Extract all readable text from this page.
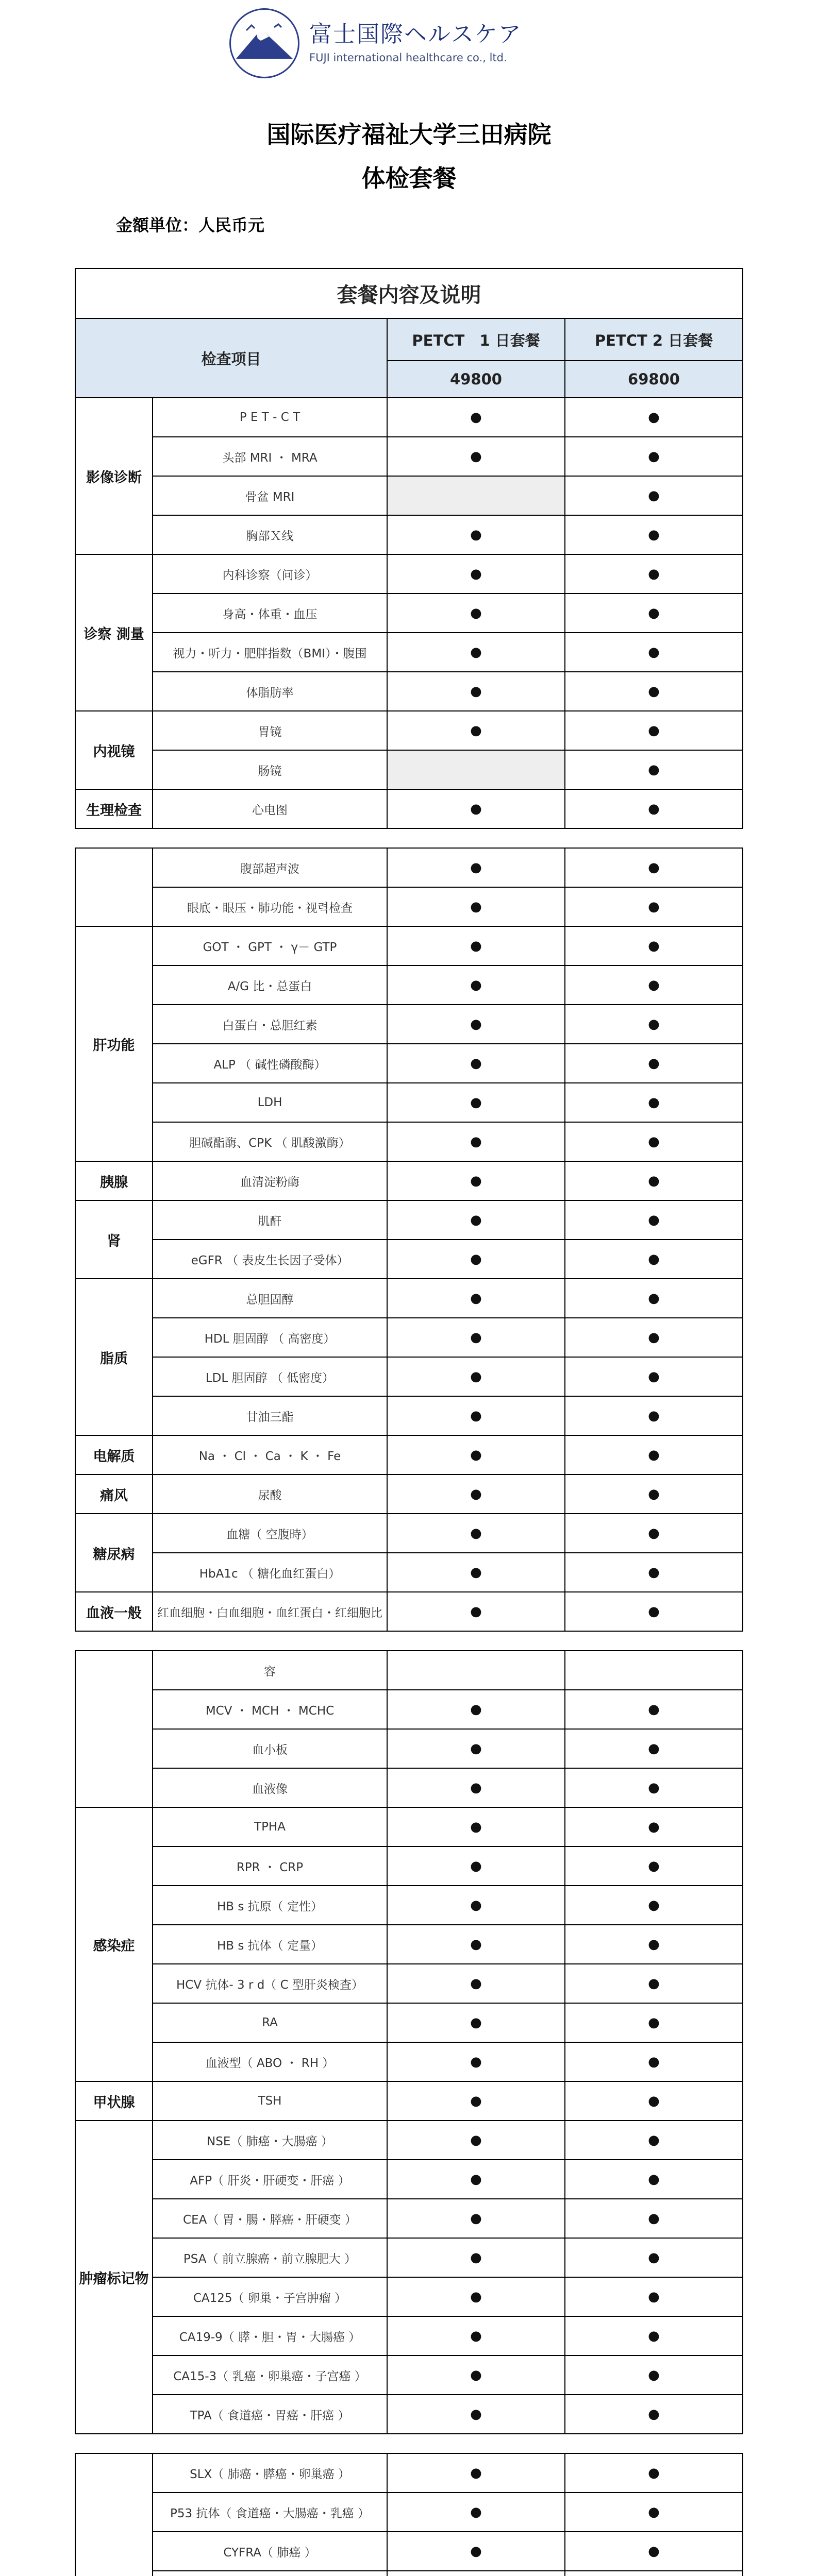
富士国際ヘルスケア
FUJI international healthcare co., ltd.
国际医疗福祉大学三田病院
体检套餐
金額単位：人民币元
套餐内容及说明			
检查项目		PETCT　1 日套餐	PETCT 2 日套餐
		49800	69800
影像诊断	P E T - C T	●	●
	头部 MRI ・ MRA	●	●
	骨盆 MRI		●
	胸部Ｘ线	●	●
诊察 測量	内科诊察（问诊）	●	●
	身高・体重・血压	●	●
	视力・听力・肥胖指数（BMI）・腹围	●	●
	体脂肪率	●	●
内视镜	胃镜	●	●
	肠镜		●
生理检查	心电图	●	●

	腹部超声波	●	●
	眼底・眼压・肺功能・视력检查	●	●
肝功能	GOT ・ GPT ・ γ－ GTP	●	●
	A/G 比・总蛋白	●	●
	白蛋白・总胆红素	●	●
	ALP （ 碱性磷酸酶）	●	●
	LDH	●	●
	胆碱酯酶、CPK （ 肌酸激酶）	●	●
胰腺	血清淀粉酶	●	●
肾	肌酐	●	●
	eGFR （ 表皮生长因子受体）	●	●
脂质	总胆固醇	●	●
	HDL 胆固醇 （ 高密度）	●	●
	LDL 胆固醇 （ 低密度）	●	●
	甘油三酯	●	●
电解质	Na ・ Cl ・ Ca ・ K ・ Fe	●	●
痛风	尿酸	●	●
糖尿病	血糖（ 空腹時）	●	●
	HbA1c （ 糖化血红蛋白）	●	●
血液一般	红血细胞・白血细胞・血红蛋白・红细胞比	●	●

	容		
	MCV ・ MCH ・ MCHC	●	●
	血小板	●	●
	血液像	●	●
感染症	TPHA	●	●
	RPR ・ CRP	●	●
	HB s 抗原（ 定性）	●	●
	HB s 抗体（ 定量）	●	●
	HCV 抗体- 3 r d（ C 型肝炎検査）	●	●
	RA	●	●
	血液型（ ABO ・ RH ）	●	●
甲状腺	TSH	●	●
肿瘤标记物	NSE（ 肺癌・大腸癌 ）	●	●
	AFP（ 肝炎・肝硬变・肝癌 ）	●	●
	CEA（ 胃・腸・膵癌・肝硬变 ）	●	●
	PSA（ 前立腺癌・前立腺肥大 ）	●	●
	CA125（ 卵巢・子宫肿瘤 ）	●	●
	CA19-9（ 膵・胆・胃・大腸癌 ）	●	●
	CA15-3（ 乳癌・卵巢癌・子宫癌 ）	●	●
	TPA（ 食道癌・胃癌・肝癌 ）	●	●

	SLX（ 肺癌・膵癌・卵巢癌 ）	●	●
	P53 抗体（ 食道癌・大腸癌・乳癌 ）	●	●
	CYFRA（ 肺癌 ）	●	●
